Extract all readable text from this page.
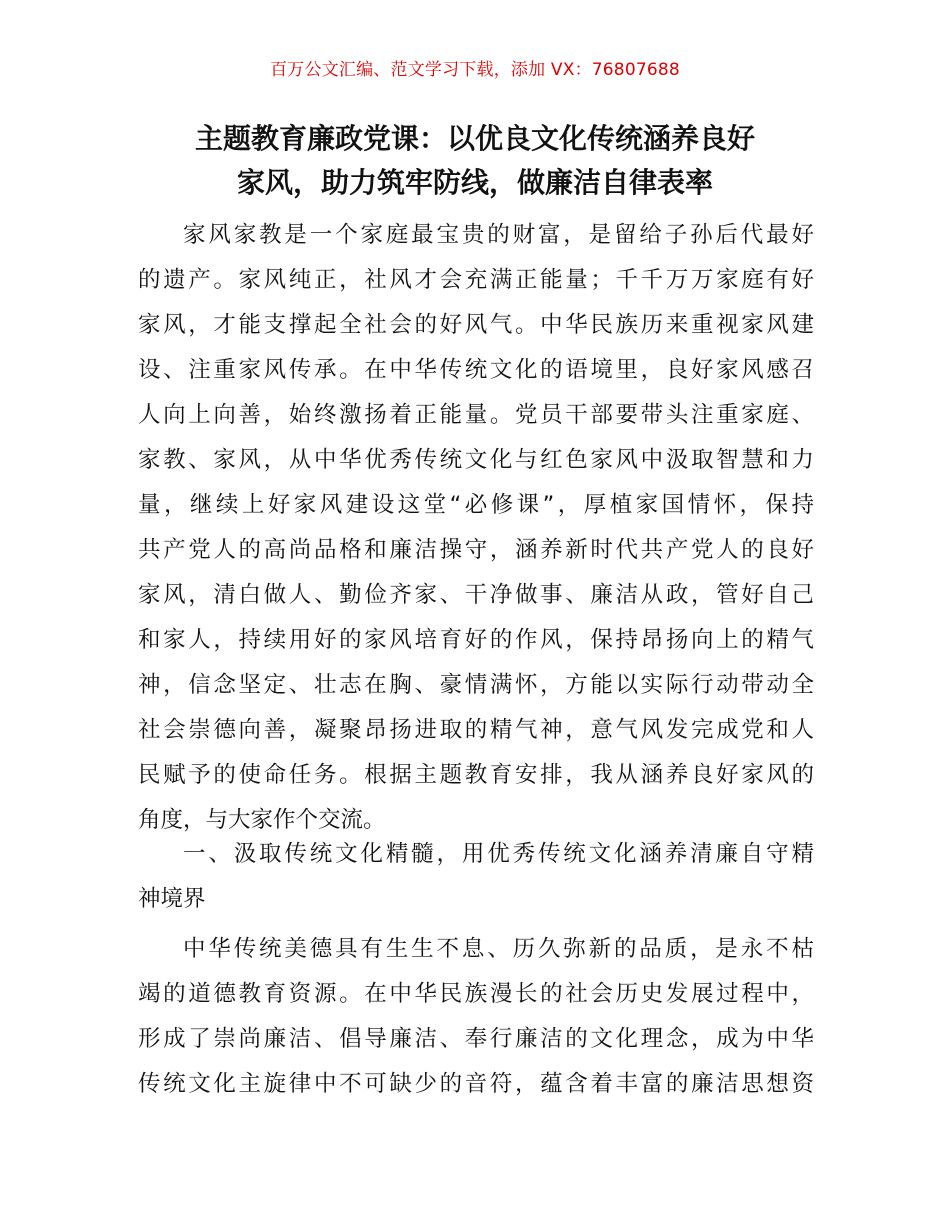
百万公文汇编、范文学习下载，添加 VX：76807688
主题教育廉政党课：以优良文化传统涵养良好
家风，助力筑牢防线，做廉洁自律表率
家风家教是一个家庭最宝贵的财富，是留给子孙后代最好
的遗产。家风纯正，社风才会充满正能量；千千万万家庭有好
家风，才能支撑起全社会的好风气。中华民族历来重视家风建
设、注重家风传承。在中华传统文化的语境里，良好家风感召
人向上向善，始终激扬着正能量。党员干部要带头注重家庭、
家教、家风，从中华优秀传统文化与红色家风中汲取智慧和力
量，继续上好家风建设这堂“必修课”，厚植家国情怀，保持
共产党人的高尚品格和廉洁操守，涵养新时代共产党人的良好
家风，清白做人、勤俭齐家、干净做事、廉洁从政，管好自己
和家人，持续用好的家风培育好的作风，保持昂扬向上的精气
神，信念坚定、壮志在胸、豪情满怀，方能以实际行动带动全
社会崇德向善，凝聚昂扬进取的精气神，意气风发完成党和人
民赋予的使命任务。根据主题教育安排，我从涵养良好家风的
角度，与大家作个交流。
一、汲取传统文化精髓，用优秀传统文化涵养清廉自守精
神境界
中华传统美德具有生生不息、历久弥新的品质，是永不枯
竭的道德教育资源。在中华民族漫长的社会历史发展过程中，
形成了崇尚廉洁、倡导廉洁、奉行廉洁的文化理念，成为中华
传统文化主旋律中不可缺少的音符，蕴含着丰富的廉洁思想资
